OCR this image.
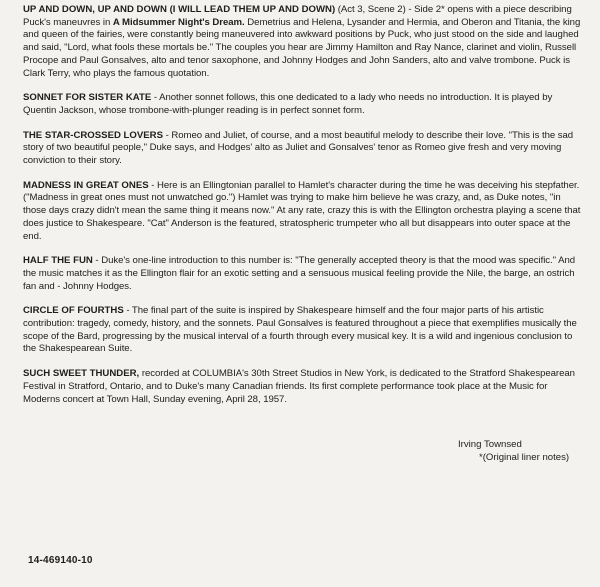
UP AND DOWN, UP AND DOWN (I WILL LEAD THEM UP AND DOWN) (Act 3, Scene 2) - Side 2* opens with a piece describing Puck's maneuvres in A Midsummer Night's Dream. Demetrius and Helena, Lysander and Hermia, and Oberon and Titania, the king and queen of the fairies, were constantly being maneuvered into awkward positions by Puck, who just stood on the side and laughed and said, "Lord, what fools these mortals be." The couples you hear are Jimmy Hamilton and Ray Nance, clarinet and violin, Russell Procope and Paul Gonsalves, alto and tenor saxophone, and Johnny Hodges and John Sanders, alto and valve trombone. Puck is Clark Terry, who plays the famous quotation.

SONNET FOR SISTER KATE - Another sonnet follows, this one dedicated to a lady who needs no introduction. It is played by Quentin Jackson, whose trombone-with-plunger reading is in perfect sonnet form.

THE STAR-CROSSED LOVERS - Romeo and Juliet, of course, and a most beautiful melody to describe their love. "This is the sad story of two beautiful people," Duke says, and Hodges' alto as Juliet and Gonsalves' tenor as Romeo give fresh and very moving conviction to their story.

MADNESS IN GREAT ONES - Here is an Ellingtonian parallel to Hamlet's character during the time he was deceiving his stepfather. ("Madness in great ones must not unwatched go.") Hamlet was trying to make him believe he was crazy, and, as Duke notes, "in those days crazy didn't mean the same thing it means now." At any rate, crazy this is with the Ellington orchestra playing a scene that does justice to Shakespeare. "Cat" Anderson is the featured, stratospheric trumpeter who all but disappears into outer space at the end.

HALF THE FUN - Duke's one-line introduction to this number is: "The generally accepted theory is that the mood was specific." And the music matches it as the Ellington flair for an exotic setting and a sensuous musical feeling provide the Nile, the barge, an ostrich fan and - Johnny Hodges.

CIRCLE OF FOURTHS - The final part of the suite is inspired by Shakespeare himself and the four major parts of his artistic contribution: tragedy, comedy, history, and the sonnets. Paul Gonsalves is featured throughout a piece that exemplifies musically the scope of the Bard, progressing by the musical interval of a fourth through every musical key. It is a wild and ingenious conclusion to the Shakespearean Suite.

SUCH SWEET THUNDER, recorded at COLUMBIA's 30th Street Studios in New York, is dedicated to the Stratford Shakespearean Festival in Stratford, Ontario, and to Duke's many Canadian friends. Its first complete performance took place at the Music for Moderns concert at Town Hall, Sunday evening, April 28, 1957.

Irving Townsed
*(Original liner notes)
14-469140-10
